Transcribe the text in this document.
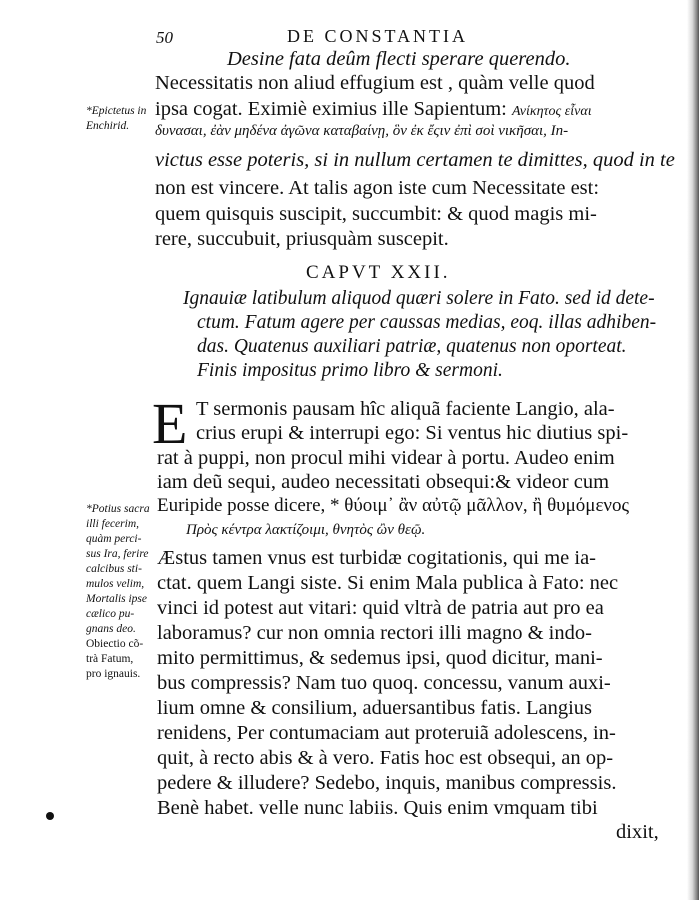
50	DE CONSTANTIA
Desine fata deûm flecti sperare querendo.
Necessitatis non aliud effugium est , quàm velle quod
ipsa cogat. Eximiè eximius ille Sapientum: Ανίκητος εἶναι
δυνασαι, ἐὰν μηδένα ἀγῶνα καταβαίνῃ, ὃν ἐκ ἔςιν ἐπὶ σοὶ νικῆσαι, In-
victus esse poteris, si in nullum certamen te dimittes, quod in te
non est vincere. At talis agon iste cum Necessitate est:
quem quisquis suscipit, succumbit: & quod magis mi-
rere, succubuit, priusquàm suscepit.
CAPVT XXII.
Ignauiæ latibulum aliquod quæri solere in Fato. sed id dete-
ctum. Fatum agere per caussas medias, eoq. illas adhiben-
das. Quatenus auxiliari patriæ, quatenus non oporteat.
Finis impositus primo libro & sermoni.
E T sermonis pausam hîc aliquã faciente Langio, ala-
crius erupi & interrupi ego: Si ventus hic diutius spi-
rat à puppi, non procul mihi videar à portu. Audeo enim
iam deũ sequi, audeo necessitati obsequi:& videor cum
Euripide posse dicere, * θύοιμ᾽ ἂν αὐτῷ μᾶλλον, ἢ θυμόμενος
Πρὸς κέντρα λακτίζοιμι, θνητὸς ὢν θεῷ.
Æstus tamen vnus est turbidæ cogitationis, qui me ia-
ctat. quem Langi siste. Si enim Mala publica à Fato: nec
vinci id potest aut vitari: quid vltrà de patria aut pro ea
laboramus? cur non omnia rectori illi magno & indo-
mito permittimus, & sedemus ipsi, quod dicitur, mani-
bus compressis? Nam tuo quoq. concessu, vanum auxi-
lium omne & consilium, aduersantibus fatis. Langius
renidens, Per contumaciam aut proteruiã adolescens, in-
quit, à recto abis & à vero. Fatis hoc est obsequi, an op-
pedere & illudere? Sedebo, inquis, manibus compressis.
Benè habet. velle nunc labiis. Quis enim vmquam tibi
dixit,
*Epictetus in
Enchirid.
*Potius sacra
illi fecerim,
quàm perci-
sus Ira, ferire
calcibus sti-
mulos velim,
Mortalis ipse
cælico pu-
gnans deo.
Obiectio cõ-
trà Fatum,
pro ignauis.
